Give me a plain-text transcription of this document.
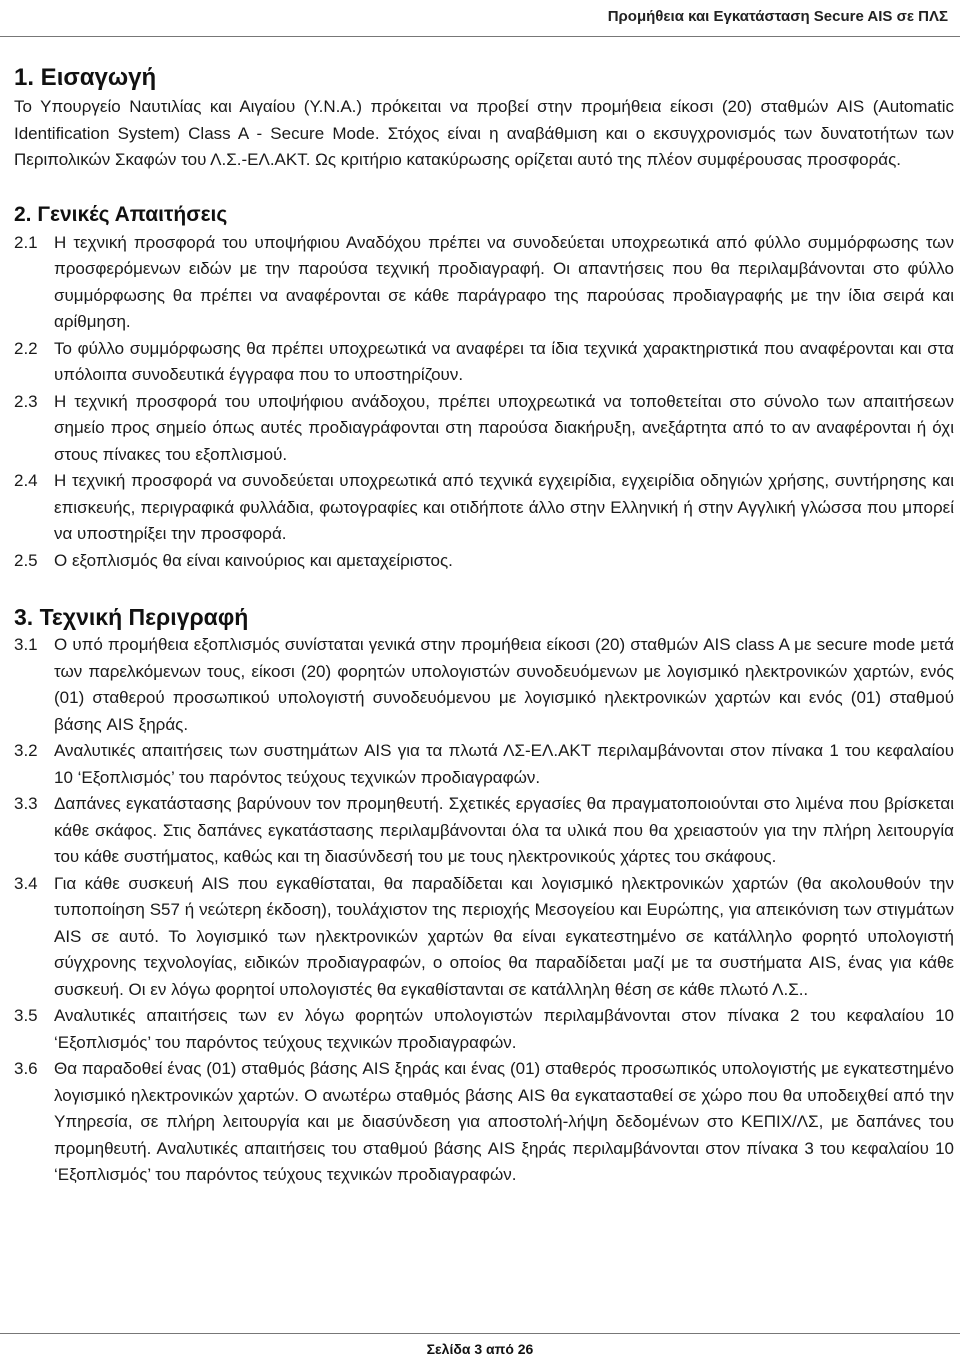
Προμήθεια και Εγκατάσταση Secure AIS σε ΠΛΣ
1. Εισαγωγή

Το Υπουργείο Ναυτιλίας και Αιγαίου (Υ.Ν.Α.) πρόκειται να προβεί στην προμήθεια είκοσι (20) σταθμών AIS (Automatic Identification System) Class A - Secure Mode. Στόχος είναι η αναβάθμιση και ο εκσυγχρονισμός των δυνατοτήτων των Περιπολικών Σκαφών του Λ.Σ.-ΕΛ.ΑΚΤ. Ως κριτήριο κατακύρωσης ορίζεται αυτό της πλέον συμφέρουσας προσφοράς.

2. Γενικές Απαιτήσεις
2.1 Η τεχνική προσφορά του υποψήφιου Αναδόχου πρέπει να συνοδεύεται υποχρεωτικά από φύλλο συμμόρφωσης των προσφερόμενων ειδών με την παρούσα τεχνική προδιαγραφή. Οι απαντήσεις που θα περιλαμβάνονται στο φύλλο συμμόρφωσης θα πρέπει να αναφέρονται σε κάθε παράγραφο της παρούσας προδιαγραφής με την ίδια σειρά και αρίθμηση.
2.2 Το φύλλο συμμόρφωσης θα πρέπει υποχρεωτικά να αναφέρει τα ίδια τεχνικά χαρακτηριστικά που αναφέρονται και στα υπόλοιπα συνοδευτικά έγγραφα που το υποστηρίζουν.
2.3 Η τεχνική προσφορά του υποψήφιου ανάδοχου, πρέπει υποχρεωτικά να τοποθετείται στο σύνολο των απαιτήσεων σημείο προς σημείο όπως αυτές προδιαγράφονται στη παρούσα διακήρυξη, ανεξάρτητα από το αν αναφέρονται ή όχι στους πίνακες του εξοπλισμού.
2.4 Η τεχνική προσφορά να συνοδεύεται υποχρεωτικά από τεχνικά εγχειρίδια, εγχειρίδια οδηγιών χρήσης, συντήρησης και επισκευής, περιγραφικά φυλλάδια, φωτογραφίες και οτιδήποτε άλλο στην Ελληνική ή στην Αγγλική γλώσσα που μπορεί να υποστηρίξει την προσφορά.
2.5 Ο εξοπλισμός θα είναι καινούριος και αμεταχείριστος.
3. Τεχνική Περιγραφή
3.1 Ο υπό προμήθεια εξοπλισμός συνίσταται γενικά στην προμήθεια είκοσι (20) σταθμών AIS class A με secure mode μετά των παρελκόμενων τους, είκοσι (20) φορητών υπολογιστών συνοδευόμενων με λογισμικό ηλεκτρονικών χαρτών, ενός (01) σταθερού προσωπικού υπολογιστή συνοδευόμενου με λογισμικό ηλεκτρονικών χαρτών και ενός (01) σταθμού βάσης AIS ξηράς.
3.2 Αναλυτικές απαιτήσεις των συστημάτων AIS για τα πλωτά ΛΣ-ΕΛ.ΑΚΤ περιλαμβάνονται στον πίνακα 1 του κεφαλαίου 10 ‘Εξοπλισμός’ του παρόντος τεύχους τεχνικών προδιαγραφών.
3.3 Δαπάνες εγκατάστασης βαρύνουν τον προμηθευτή. Σχετικές εργασίες θα πραγματοποιούνται στο λιμένα που βρίσκεται κάθε σκάφος. Στις δαπάνες εγκατάστασης περιλαμβάνονται όλα τα υλικά που θα χρειαστούν για την πλήρη λειτουργία του κάθε συστήματος, καθώς και τη διασύνδεσή του με τους ηλεκτρονικούς χάρτες του σκάφους.
3.4 Για κάθε συσκευή AIS που εγκαθίσταται, θα παραδίδεται και λογισμικό ηλεκτρονικών χαρτών (θα ακολουθούν την τυποποίηση S57 ή νεώτερη έκδοση), τουλάχιστον της περιοχής Μεσογείου και Ευρώπης, για απεικόνιση των στιγμάτων AIS σε αυτό. Το λογισμικό των ηλεκτρονικών χαρτών θα είναι εγκατεστημένο σε κατάλληλο φορητό υπολογιστή σύγχρονης τεχνολογίας, ειδικών προδιαγραφών, ο οποίος θα παραδίδεται μαζί με τα συστήματα AIS, ένας για κάθε συσκευή. Οι εν λόγω φορητοί υπολογιστές θα εγκαθίστανται σε κατάλληλη θέση σε κάθε πλωτό Λ.Σ..
3.5 Αναλυτικές απαιτήσεις των εν λόγω φορητών υπολογιστών περιλαμβάνονται στον πίνακα 2 του κεφαλαίου 10 ‘Εξοπλισμός’ του παρόντος τεύχους τεχνικών προδιαγραφών.
3.6 Θα παραδοθεί ένας (01) σταθμός βάσης AIS ξηράς και ένας (01) σταθερός προσωπικός υπολογιστής με εγκατεστημένο λογισμικό ηλεκτρονικών χαρτών. Ο ανωτέρω σταθμός βάσης AIS θα εγκατασταθεί σε χώρο που θα υποδειχθεί από την Υπηρεσία, σε πλήρη λειτουργία και με διασύνδεση για αποστολή-λήψη δεδομένων στο ΚΕΠΙΧ/ΛΣ, με δαπάνες του προμηθευτή. Αναλυτικές απαιτήσεις του σταθμού βάσης AIS ξηράς περιλαμβάνονται στον πίνακα 3 του κεφαλαίου 10 ‘Εξοπλισμός’ του παρόντος τεύχους τεχνικών προδιαγραφών.
Σελίδα 3 από 26
